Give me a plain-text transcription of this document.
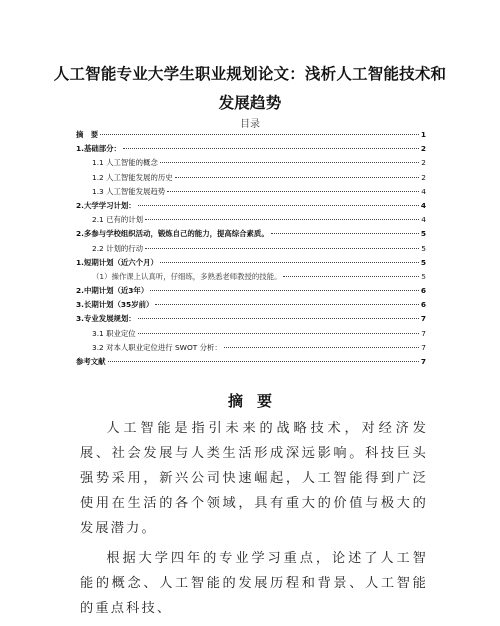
人工智能专业大学生职业规划论文：浅析人工智能技术和
发展趋势
目录
摘　要	1
1.基础部分：	2
1.1 人工智能的概念	2
1.2 人工智能发展的历史	2
1.3 人工智能发展趋势	4
2.大学学习计划：	4
2.1 已有的计划	4
2.多参与学校组织活动，锻炼自己的能力，提高综合素质。	5
2.2 计划的行动	5
1.短期计划（近六个月）	5
（1）操作课上认真听，仔细练，多熟悉老师教授的技能。	5
2.中期计划（近3年）	6
3.长期计划（35岁前）	6
3.专业发展规划：	7
3.1 职业定位	7
3.2 对本人职业定位进行 SWOT 分析：	7
参考文献	7
摘要

人工智能是指引未来的战略技术，对经济发展、社会发展与人类生活形成深远影响。科技巨头强势采用，新兴公司快速崛起，人工智能得到广泛使用在生活的各个领域，具有重大的价值与极大的发展潜力。

根据大学四年的专业学习重点，论述了人工智能的概念、人工智能的发展历程和背景、人工智能的重点科技、
